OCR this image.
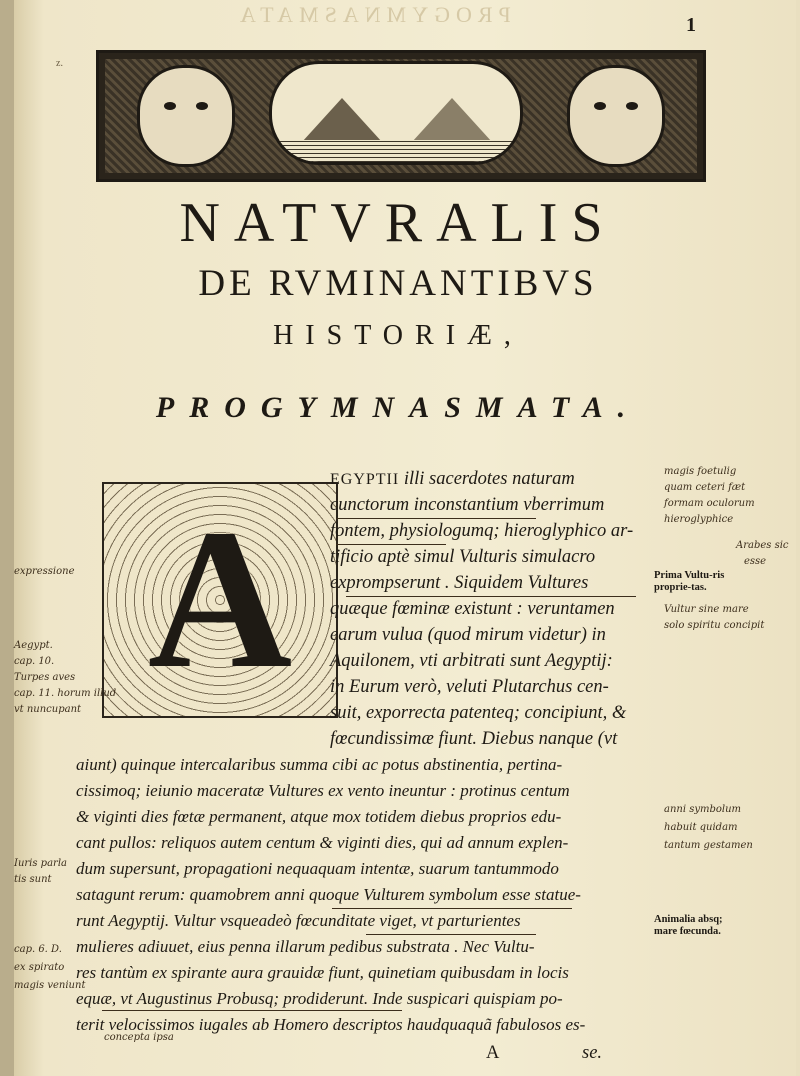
PROGYMNASMATA	1
z.
NATVRALIS
DE RVMINANTIBVS
HISTORIÆ,
PROGYMNASMATA.
A
EGYPTII illi sacerdotes naturam
cunctorum inconstantium vberrimum
fontem, physiologumq; hieroglyphico ar-
tificio aptè simul Vulturis simulacro
exprompserunt . Siquidem Vultures
quæque fœminæ existunt : veruntamen
earum vulua (quod mirum videtur) in
Aquilonem, vti arbitrati sunt Aegyptij:
in Eurum verò, veluti Plutarchus cen-
suit, exporrecta patenteq; concipiunt, &
fœcundissimæ fiunt. Diebus nanque (vt
aiunt) quinque intercalaribus summa cibi ac potus abstinentia, pertina-
cissimoq; ieiunio maceratæ Vultures ex vento ineuntur : protinus centum
& viginti dies fœtæ permanent, atque mox totidem diebus proprios edu-
cant pullos: reliquos autem centum & viginti dies, qui ad annum explen-
dum supersunt, propagationi nequaquam intentæ, suarum tantummodo
satagunt rerum: quamobrem anni quoque Vulturem symbolum esse statue-
runt Aegyptij. Vultur vsqueadeò fœcunditate viget, vt parturientes
mulieres adiuuet, eius penna illarum pedibus substrata . Nec Vultu-
res tantùm ex spirante aura grauidæ fiunt, quinetiam quibusdam in locis
equæ, vt Augustinus Probusq; prodiderunt. Inde suspicari quispiam po-
terit velocissimos iugales ab Homero descriptos haudquaquã fabulosos es-
A	se.
Prima Vultu-ris proprie-tas.
Animalia absq; mare fœcunda.
magis foetulig
quam ceteri fæt
formam oculorum
hieroglyphice
Arabes sic
esse
Vultur sine mare
solo spiritu concipit
expressione
Aegypt.
cap. 10.
Turpes aves
cap. 11. horum illud
vt nuncupant
anni symbolum
habuit quidam
tantum gestamen
Iuris parla
tis sunt
cap. 6. D.
ex spirato
magis veniunt
concepta ipsa
